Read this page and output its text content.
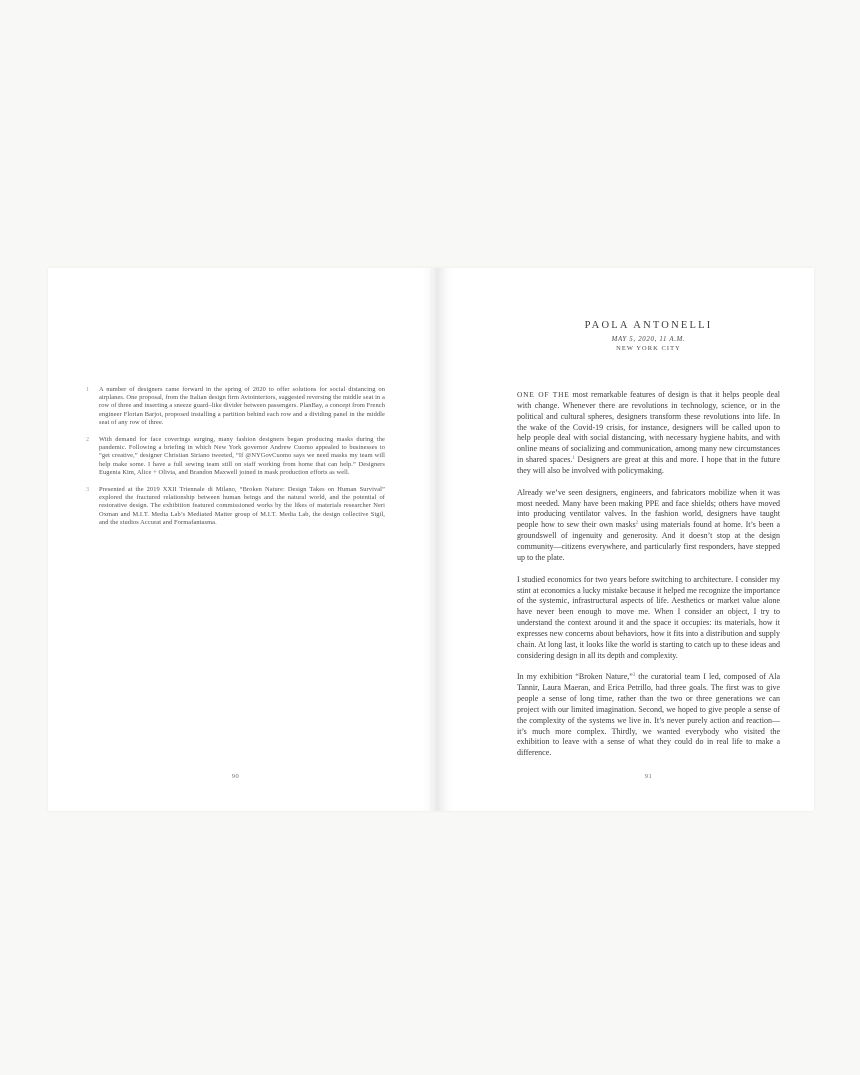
1	A number of designers came forward in the spring of 2020 to offer solutions for social distancing on airplanes. One proposal, from the Italian design firm Aviointeriors, suggested reversing the middle seat in a row of three and inserting a sneeze guard–like divider between passengers. PlanBay, a concept from French engineer Florian Barjot, proposed installing a partition behind each row and a dividing panel in the middle seat of any row of three.
2	With demand for face coverings surging, many fashion designers began producing masks during the pandemic. Following a briefing in which New York governor Andrew Cuomo appealed to businesses to “get creative,” designer Christian Siriano tweeted, “If @NYGovCuomo says we need masks my team will help make some. I have a full sewing team still on staff working from home that can help.” Designers Eugenia Kim, Alice + Olivia, and Brandon Maxwell joined in mask production efforts as well.
3	Presented at the 2019 XXII Triennale di Milano, “Broken Nature: Design Takes on Human Survival” explored the fractured relationship between human beings and the natural world, and the potential of restorative design. The exhibition featured commissioned works by the likes of materials researcher Neri Oxman and M.I.T. Media Lab’s Mediated Matter group of M.I.T. Media Lab, the design collective Sigil, and the studios Accurat and Formafantasma.
90
PAOLA ANTONELLI
MAY 5, 2020, 11 A.M.
NEW YORK CITY

ONE OF THE most remarkable features of design is that it helps people deal with change. Whenever there are revolutions in technology, science, or in the political and cultural spheres, designers transform these revolutions into life. In the wake of the Covid-19 crisis, for instance, designers will be called upon to help people deal with social distancing, with necessary hygiene habits, and with online means of socializing and communication, among many new circumstances in shared spaces.$^1$ Designers are great at this and more. I hope that in the future they will also be involved with policymaking.

Already we’ve seen designers, engineers, and fabricators mobilize when it was most needed. Many have been making PPE and face shields; others have moved into producing ventilator valves. In the fashion world, designers have taught people how to sew their own masks$^2$ using materials found at home. It’s been a groundswell of ingenuity and generosity. And it doesn’t stop at the design community—citizens everywhere, and particularly first responders, have stepped up to the plate.

I studied economics for two years before switching to architecture. I consider my stint at economics a lucky mistake because it helped me recognize the importance of the systemic, infrastructural aspects of life. Aesthetics or market value alone have never been enough to move me. When I consider an object, I try to understand the context around it and the space it occupies: its materials, how it expresses new concerns about behaviors, how it fits into a distribution and supply chain. At long last, it looks like the world is starting to catch up to these ideas and considering design in all its depth and complexity.

In my exhibition “Broken Nature,”$^3$ the curatorial team I led, composed of Ala Tannir, Laura Maeran, and Erica Petrillo, had three goals. The first was to give people a sense of long time, rather than the two or three generations we can project with our limited imagination. Second, we hoped to give people a sense of the complexity of the systems we live in. It’s never purely action and reaction—it’s much more complex. Thirdly, we wanted everybody who visited the exhibition to leave with a sense of what they could do in real life to make a difference.

91
